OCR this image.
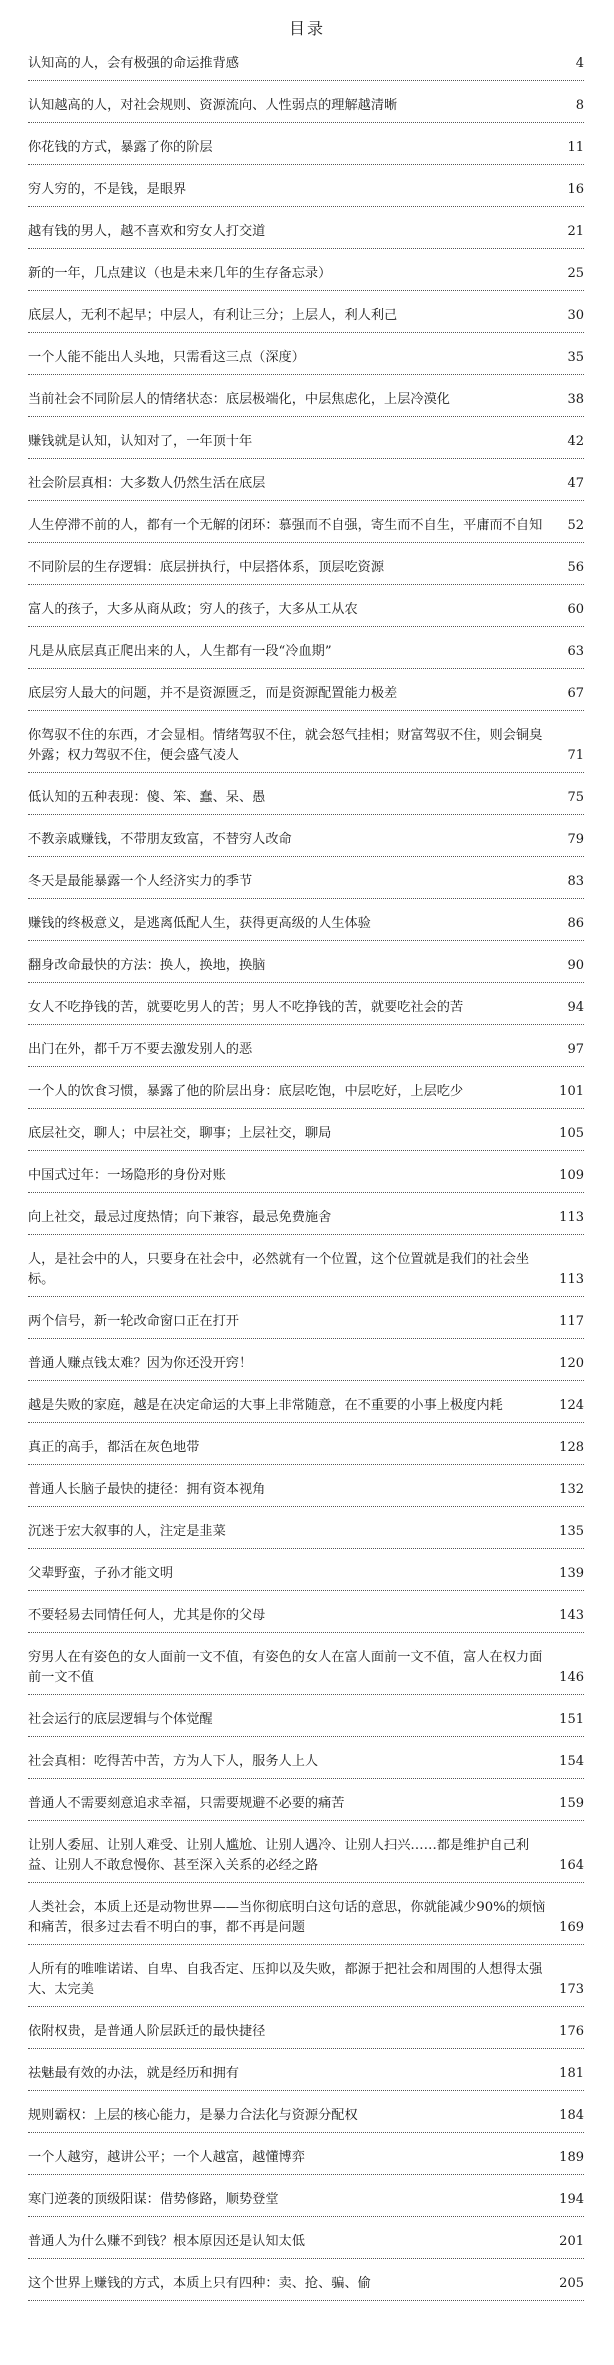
目录
认知高的人，会有极强的命运推背感	4
认知越高的人，对社会规则、资源流向、人性弱点的理解越清晰	8
你花钱的方式，暴露了你的阶层	11
穷人穷的，不是钱，是眼界	16
越有钱的男人，越不喜欢和穷女人打交道	21
新的一年，几点建议（也是未来几年的生存备忘录）	25
底层人，无利不起早；中层人，有利让三分；上层人，利人利己	30
一个人能不能出人头地，只需看这三点（深度）	35
当前社会不同阶层人的情绪状态：底层极端化，中层焦虑化，上层冷漠化	38
赚钱就是认知，认知对了，一年顶十年	42
社会阶层真相：大多数人仍然生活在底层	47
人生停滞不前的人，都有一个无解的闭环：慕强而不自强，寄生而不自生，平庸而不自知	52
不同阶层的生存逻辑：底层拼执行，中层搭体系，顶层吃资源	56
富人的孩子，大多从商从政；穷人的孩子，大多从工从农	60
凡是从底层真正爬出来的人，人生都有一段“冷血期”	63
底层穷人最大的问题，并不是资源匮乏，而是资源配置能力极差	67
你驾驭不住的东西，才会显相。情绪驾驭不住，就会怒气挂相；财富驾驭不住，则会铜臭外露；权力驾驭不住，便会盛气凌人	71
低认知的五种表现：傻、笨、蠢、呆、愚	75
不教亲戚赚钱，不带朋友致富，不替穷人改命	79
冬天是最能暴露一个人经济实力的季节	83
赚钱的终极意义，是逃离低配人生，获得更高级的人生体验	86
翻身改命最快的方法：换人，换地，换脑	90
女人不吃挣钱的苦，就要吃男人的苦；男人不吃挣钱的苦，就要吃社会的苦	94
出门在外，都千万不要去激发别人的恶	97
一个人的饮食习惯，暴露了他的阶层出身：底层吃饱，中层吃好，上层吃少	101
底层社交，聊人；中层社交，聊事；上层社交，聊局	105
中国式过年：一场隐形的身份对账	109
向上社交，最忌过度热情；向下兼容，最忌免费施舍	113
人，是社会中的人，只要身在社会中，必然就有一个位置，这个位置就是我们的社会坐标。	113
两个信号，新一轮改命窗口正在打开	117
普通人赚点钱太难？因为你还没开窍！	120
越是失败的家庭，越是在决定命运的大事上非常随意，在不重要的小事上极度内耗	124
真正的高手，都活在灰色地带	128
普通人长脑子最快的捷径：拥有资本视角	132
沉迷于宏大叙事的人，注定是韭菜	135
父辈野蛮，子孙才能文明	139
不要轻易去同情任何人，尤其是你的父母	143
穷男人在有姿色的女人面前一文不值，有姿色的女人在富人面前一文不值，富人在权力面前一文不值	146
社会运行的底层逻辑与个体觉醒	151
社会真相：吃得苦中苦，方为人下人，服务人上人	154
普通人不需要刻意追求幸福，只需要规避不必要的痛苦	159
让别人委屈、让别人难受、让别人尴尬、让别人遇冷、让别人扫兴……都是维护自己利益、让别人不敢怠慢你、甚至深入关系的必经之路	164
人类社会，本质上还是动物世界——当你彻底明白这句话的意思，你就能减少90%的烦恼和痛苦，很多过去看不明白的事，都不再是问题	169
人所有的唯唯诺诺、自卑、自我否定、压抑以及失败，都源于把社会和周围的人想得太强大、太完美	173
依附权贵，是普通人阶层跃迁的最快捷径	176
祛魅最有效的办法，就是经历和拥有	181
规则霸权：上层的核心能力，是暴力合法化与资源分配权	184
一个人越穷，越讲公平；一个人越富，越懂博弈	189
寒门逆袭的顶级阳谋：借势修路，顺势登堂	194
普通人为什么赚不到钱？根本原因还是认知太低	201
这个世界上赚钱的方式，本质上只有四种：卖、抢、骗、偷	205
